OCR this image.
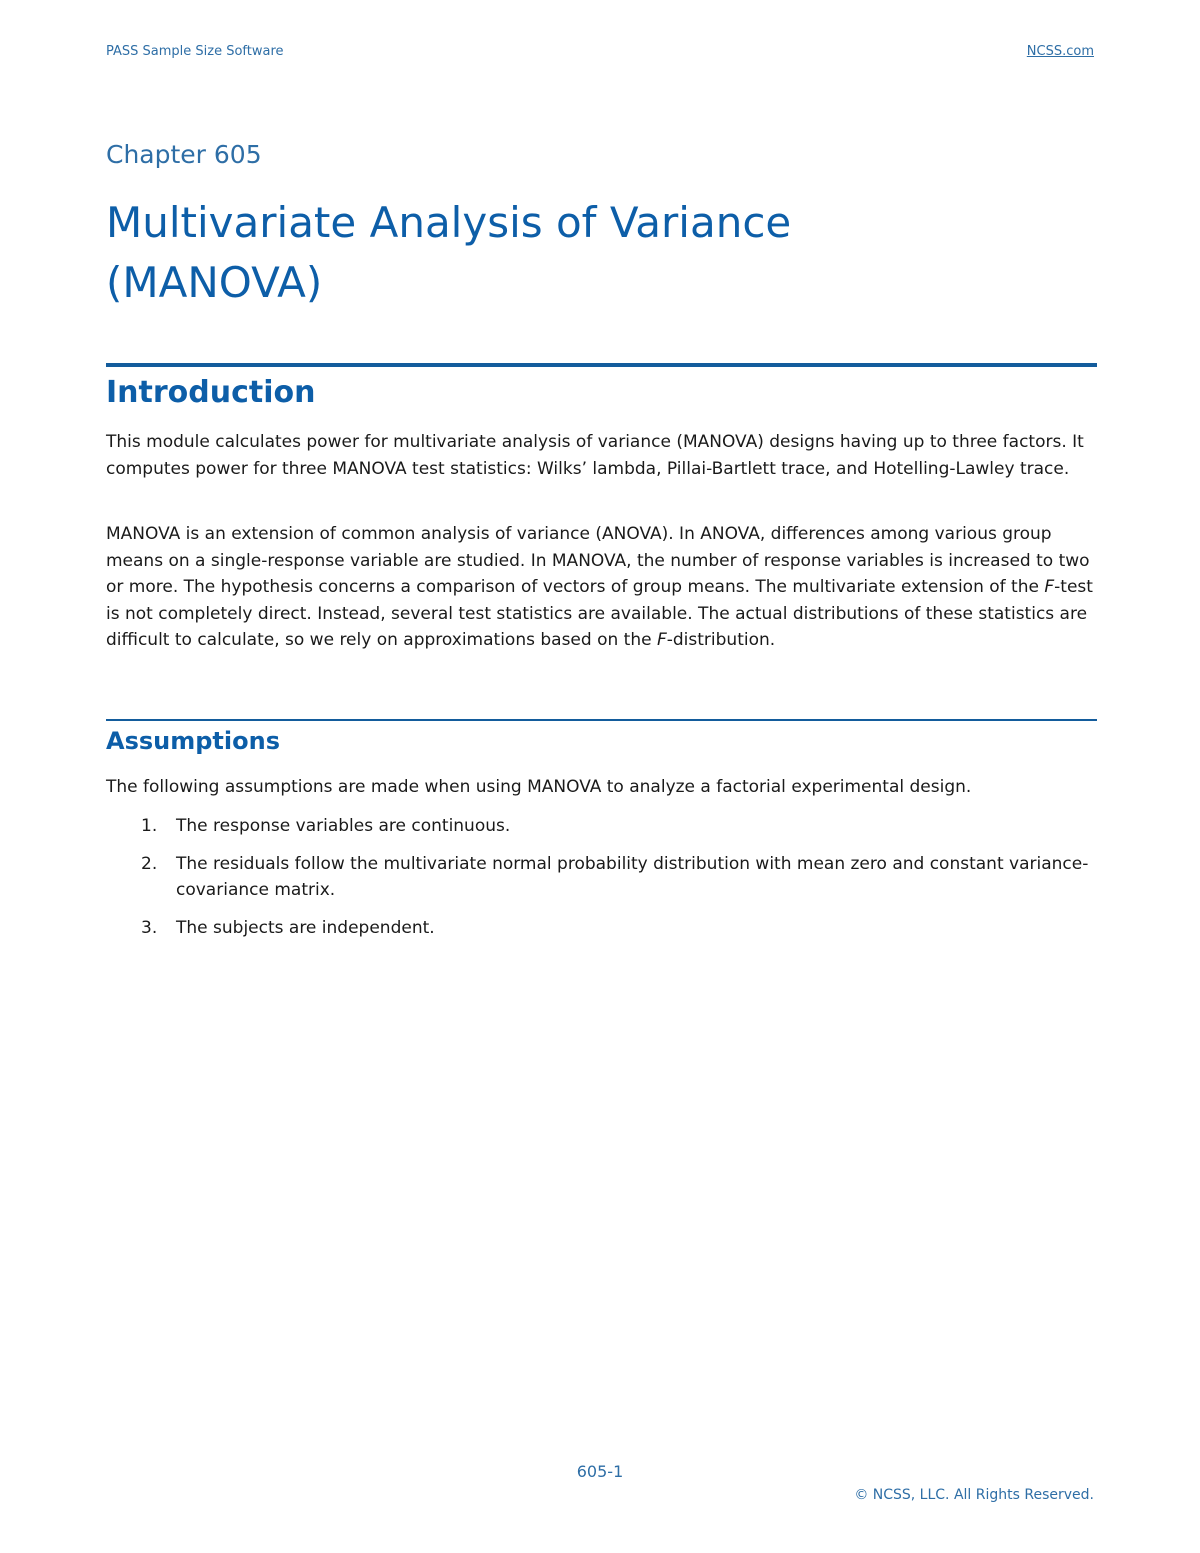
PASS Sample Size Software	NCSS.com
Chapter 605
Multivariate Analysis of Variance
(MANOVA)
Introduction

This module calculates power for multivariate analysis of variance (MANOVA) designs having up to three factors. It computes power for three MANOVA test statistics: Wilks’ lambda, Pillai-Bartlett trace, and Hotelling-Lawley trace.

MANOVA is an extension of common analysis of variance (ANOVA). In ANOVA, differences among various group means on a single-response variable are studied. In MANOVA, the number of response variables is increased to two or more. The hypothesis concerns a comparison of vectors of group means. The multivariate extension of the F-test is not completely direct. Instead, several test statistics are available. The actual distributions of these statistics are difficult to calculate, so we rely on approximations based on the F-distribution.

Assumptions

The following assumptions are made when using MANOVA to analyze a factorial experimental design.

1. The response variables are continuous.
2. The residuals follow the multivariate normal probability distribution with mean zero and constant variance-covariance matrix.
3. The subjects are independent.
605-1
© NCSS, LLC. All Rights Reserved.
